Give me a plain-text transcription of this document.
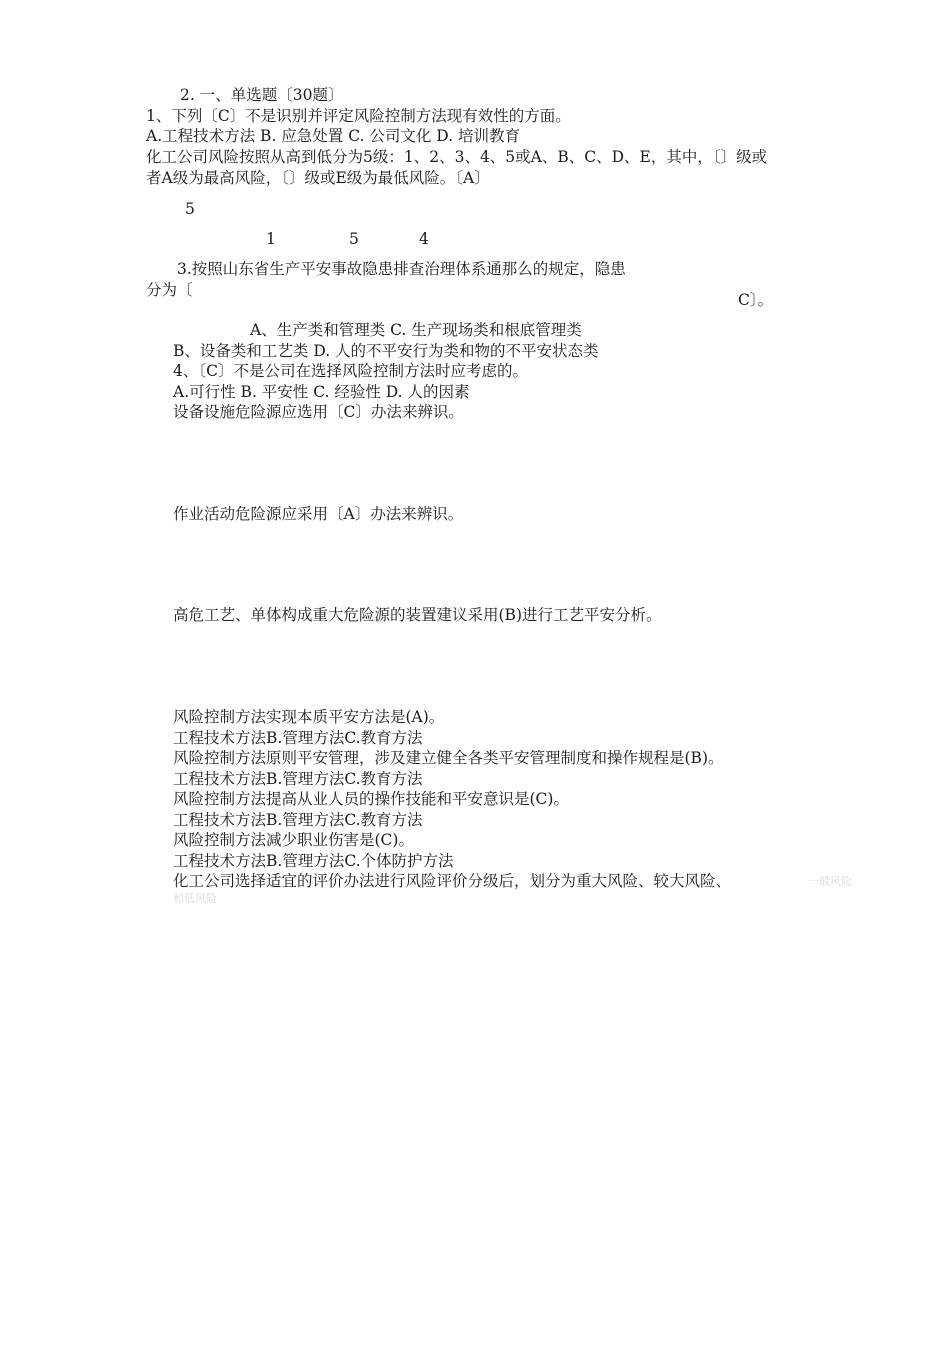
2. 一、单选题〔30题〕
1、下列〔C〕不是识别并评定风险控制方法现有效性的方面。
A.工程技术方法 B. 应急处置 C. 公司文化 D. 培训教育
化工公司风险按照从高到低分为5级：1、2、3、4、5或A、B、C、D、E，其中，〔〕级或
者A级为最高风险，〔〕级或E级为最低风险。〔A〕
5
1	5	4
3.按照山东省生产平安事故隐患排查治理体系通那么的规定，隐患
分为〔
C〕。
A、生产类和管理类 C. 生产现场类和根底管理类
B、设备类和工艺类 D. 人的不平安行为类和物的不平安状态类
4、〔C〕不是公司在选择风险控制方法时应考虑的。
A.可行性 B. 平安性 C. 经验性 D. 人的因素
设备设施危险源应选用〔C〕办法来辨识。
作业活动危险源应采用〔A〕办法来辨识。
高危工艺、单体构成重大危险源的装置建议采用(B)进行工艺平安分析。
风险控制方法实现本质平安方法是(A)。
工程技术方法B.管理方法C.教育方法
风险控制方法原则平安管理，涉及建立健全各类平安管理制度和操作规程是(B)。
工程技术方法B.管理方法C.教育方法
风险控制方法提高从业人员的操作技能和平安意识是(C)。
工程技术方法B.管理方法C.教育方法
风险控制方法减少职业伤害是(C)。
工程技术方法B.管理方法C.个体防护方法
化工公司选择适宜的评价办法进行风险评价分级后，划分为重大风险、较大风险、	一般风险
和低风险
